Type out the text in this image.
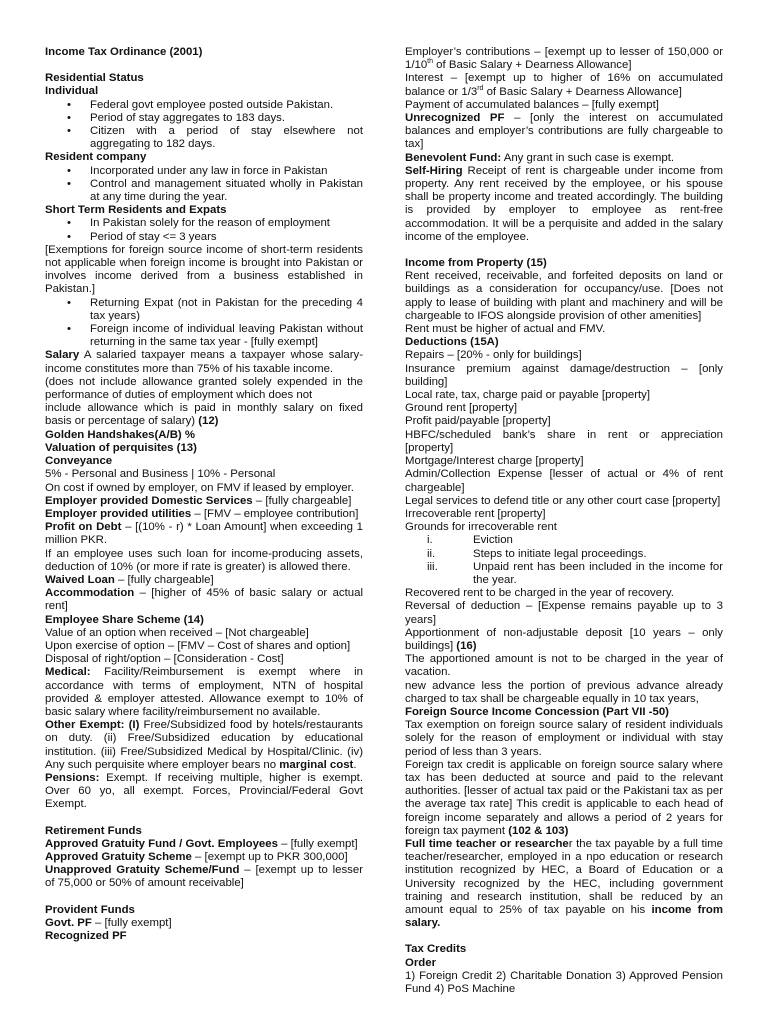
Income Tax Ordinance (2001)

Residential Status

Individual

• Federal govt employee posted outside Pakistan.
• Period of stay aggregates to 183 days.
• Citizen with a period of stay elsewhere not aggregating to 182 days.

Resident company

• Incorporated under any law in force in Pakistan
• Control and management situated wholly in Pakistan at any time during the year.

Short Term Residents and Expats

• In Pakistan solely for the reason of employment
• Period of stay <= 3 years

[Exemptions for foreign source income of short-term residents not applicable when foreign income is brought into Pakistan or involves income derived from a business established in Pakistan.]

• Returning Expat (not in Pakistan for the preceding 4 tax years)
• Foreign income of individual leaving Pakistan without returning in the same tax year - [fully exempt]

Salary A salaried taxpayer means a taxpayer whose salary-income constitutes more than 75% of his taxable income.

(does not include allowance granted solely expended in the performance of duties of employment which does not

include allowance which is paid in monthly salary on fixed basis or percentage of salary) (12)

Golden Handshakes(A/B) %

Valuation of perquisites (13)

Conveyance

5% - Personal and Business | 10% - Personal

On cost if owned by employer, on FMV if leased by employer.

Employer provided Domestic Services – [fully chargeable]

Employer provided utilities – [FMV – employee contribution]

Profit on Debt – [(10% - r) * Loan Amount] when exceeding 1 million PKR.

If an employee uses such loan for income-producing assets, deduction of 10% (or more if rate is greater) is allowed there.

Waived Loan – [fully chargeable]

Accommodation – [higher of 45% of basic salary or actual rent]

Employee Share Scheme (14)

Value of an option when received – [Not chargeable]

Upon exercise of option – [FMV – Cost of shares and option]

Disposal of right/option – [Consideration - Cost]

Medical: Facility/Reimbursement is exempt where in accordance with terms of employment, NTN of hospital provided & employer attested. Allowance exempt to 10% of basic salary where facility/reimbursement no available.

Other Exempt: (I) Free/Subsidized food by hotels/restaurants on duty. (ii) Free/Subsidized education by educational institution. (iii) Free/Subsidized Medical by Hospital/Clinic. (iv) Any such perquisite where employer bears no marginal cost.

Pensions: Exempt. If receiving multiple, higher is exempt. Over 60 yo, all exempt. Forces, Provincial/Federal Govt Exempt.

Retirement Funds

Approved Gratuity Fund / Govt. Employees – [fully exempt]

Approved Gratuity Scheme – [exempt up to PKR 300,000]

Unapproved Gratuity Scheme/Fund – [exempt up to lesser of 75,000 or 50% of amount receivable]

Provident Funds

Govt. PF – [fully exempt]

Recognized PF

Employer’s contributions – [exempt up to lesser of 150,000 or 1/10th of Basic Salary + Dearness Allowance]

Interest – [exempt up to higher of 16% on accumulated balance or 1/3rd of Basic Salary + Dearness Allowance]

Payment of accumulated balances – [fully exempt]

Unrecognized PF – [only the interest on accumulated balances and employer’s contributions are fully chargeable to tax]

Benevolent Fund: Any grant in such case is exempt.

Self-Hiring Receipt of rent is chargeable under income from property. Any rent received by the employee, or his spouse shall be property income and treated accordingly. The building is provided by employer to employee as rent-free accommodation. It will be a perquisite and added in the salary income of the employee.

Income from Property (15)

Rent received, receivable, and forfeited deposits on land or buildings as a consideration for occupancy/use. [Does not apply to lease of building with plant and machinery and will be chargeable to IFOS alongside provision of other amenities]

Rent must be higher of actual and FMV.

Deductions (15A)

Repairs – [20% - only for buildings]

Insurance premium against damage/destruction – [only building]

Local rate, tax, charge paid or payable [property]

Ground rent [property]

Profit paid/payable [property]

HBFC/scheduled bank’s share in rent or appreciation [property]

Mortgage/Interest charge [property]

Admin/Collection Expense [lesser of actual or 4% of rent chargeable]

Legal services to defend title or any other court case [property]

Irrecoverable rent [property]

Grounds for irrecoverable rent

i.	Eviction
ii.	Steps to initiate legal proceedings.
iii.	Unpaid rent has been included in the income for the year.

Recovered rent to be charged in the year of recovery.

Reversal of deduction – [Expense remains payable up to 3 years]

Apportionment of non-adjustable deposit [10 years – only buildings] (16)

The apportioned amount is not to be charged in the year of vacation.

new advance less the portion of previous advance already charged to tax shall be chargeable equally in 10 tax years,

Foreign Source Income Concession (Part VII -50)

Tax exemption on foreign source salary of resident individuals solely for the reason of employment or individual with stay period of less than 3 years.

Foreign tax credit is applicable on foreign source salary where tax has been deducted at source and paid to the relevant authorities. [lesser of actual tax paid or the Pakistani tax as per the average tax rate] This credit is applicable to each head of foreign income separately and allows a period of 2 years for foreign tax payment (102 & 103)

Full time teacher or researcher the tax payable by a full time teacher/researcher, employed in a npo education or research institution recognized by HEC, a Board of Education or a University recognized by the HEC, including government training and research institution, shall be reduced by an amount equal to 25% of tax payable on his income from salary.

Tax Credits

Order

1) Foreign Credit 2) Charitable Donation 3) Approved Pension Fund 4) PoS Machine
